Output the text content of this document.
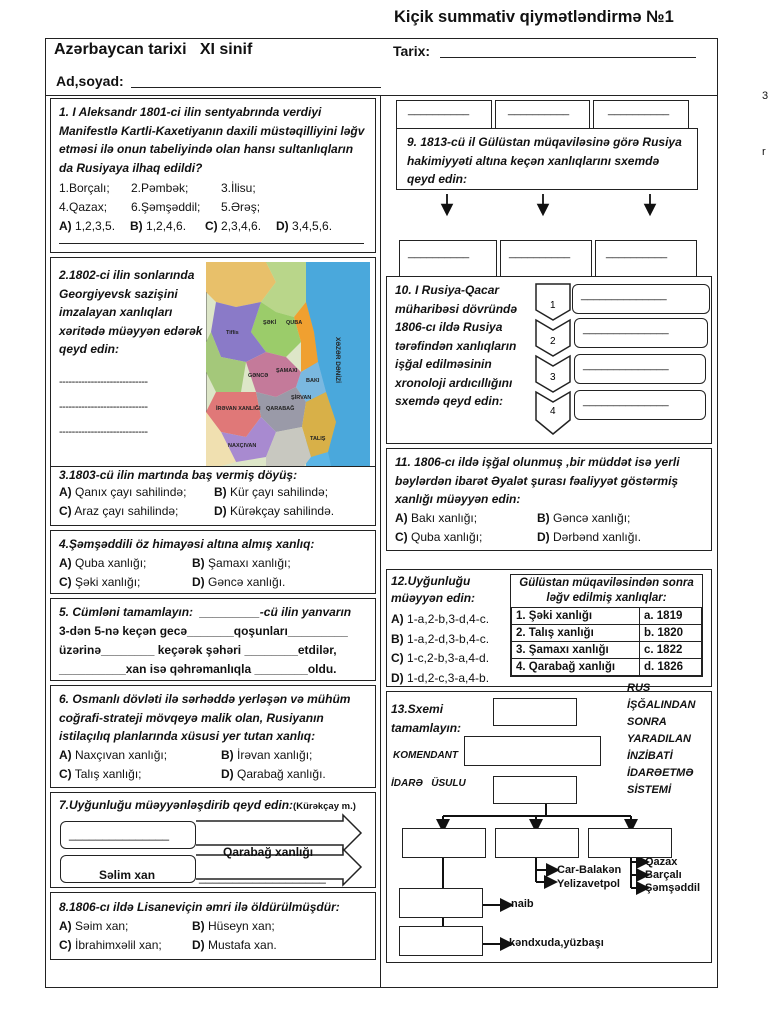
Kiçik summativ qiymətləndirmə №1
3
r
Azərbaycan tarixi   XI sinif	Tarix:
Ad,soyad:
1. I Aleksandr 1801-ci ilin sentyabrında verdiyi Manifestlə Kartli-Kaxetiyanın daxili müstəqilliyini ləğv etməsi ilə onun tabeliyində olan hansı sultanlıqların da Rusiyaya ilhaq edildi?
1.Borçalı;	2.Pəmbək;	3.İlisu;
4.Qazax;	6.Şəmşəddil;	5.Ərəş;
A) 1,2,3,5.	B) 1,2,4,6.	C) 2,3,4,6.	D) 3,4,5,6.
2.1802-ci ilin sonlarında Georgiyevsk sazişini imzalayan xanlıqları xəritədə müəyyən edərək qeyd edin:
----------------------------
----------------------------
----------------------------
XƏZƏR DƏNİZİ
ŞƏKİ
ŞAMAXI
QUBA
BAKI
QARABAĞ
GƏNCƏ
İRƏVAN XANLIĞI
NAXÇIVAN
TALIŞ
ŞİRVAN
Tiflis
3.1803-cü ilin martında baş vermiş döyüş:
A) Qanıx çayı sahilində;	B) Kür çayı sahilində;
C) Araz çayı sahilində;	D) Kürəkçay sahilində.
4.Şəmşəddili öz himayəsi altına almış xanlıq:
A) Quba xanlığı;	B) Şamaxı xanlığı;
C) Şəki xanlığı;	D) Gəncə xanlığı.
5. Cümləni tamamlayın:  _________-cü ilin yanvarın
3-dən 5-nə keçən gecə_______qoşunları_________
üzərinə________ keçərək şəhəri ________etdilər,
__________xan isə qəhrəmanlıqla ________oldu.
6. Osmanlı dövləti ilə sərhəddə yerləşən və mühüm coğrafi-strateji mövqeyə malik olan, Rusiyanın istilaçılıq planlarında xüsusi yer tutan xanlıq:
A) Naxçıvan xanlığı;	B) İrəvan xanlığı;
C) Talış xanlığı;	D) Qarabağ xanlığı.
7.Uyğunluğu müəyyənləşdirib qeyd edin:(Kürəkçay m.)
_______________
Səlim xan
Qarabağ xanlığı
___________________
8.1806-cı ildə Lisaneviçin əmri ilə öldürülmüşdür:
A) Səim xan;	B) Hüseyn xan;
C) İbrahimxəlil xan;	D) Mustafa xan.
__________	__________	__________
9. 1813-cü il Gülüstan müqaviləsinə görə Rusiya hakimiyyəti altına keçən xanlıqlarını sxemdə qeyd edin:
__________	__________	__________
10. I Rusiya-Qacar müharibəsi dövründə 1806-cı ildə Rusiya tərəfindən xanlıqların işğal edilməsinin xronoloji ardıcıllığını sxemdə qeyd edin:
1
2
3
4
______________
______________
______________
______________
11. 1806-cı ildə işğal olunmuş ,bir müddət isə yerli bəylərdən ibarət Əyalət şurası fəaliyyət göstərmiş xanlığı müəyyən edin:
A) Bakı xanlığı;	B) Gəncə xanlığı;
C) Quba xanlığı;	D) Dərbənd xanlığı.
12.Uyğunluğu müəyyən edin:
A) 1-a,2-b,3-d,4-c.
B) 1-a,2-d,3-b,4-c.
C) 1-c,2-b,3-a,4-d.
D) 1-d,2-c,3-a,4-b.
Gülüstan müqaviləsindən sonra ləğv edilmiş xanlıqlar:
1. Şəki xanlığı	a. 1819
2. Talış xanlığı	b. 1820
3. Şamaxı xanlığı	c. 1822
4. Qarabağ xanlığı	d. 1826
13.Sxemi tamamlayın:
RUS
İŞĞALINDAN
SONRA
YARADILAN
İNZİBATİ
İDARƏETMƏ
SİSTEMİ
KOMENDANT
İDARƏ   ÜSULU
Car-Balakən
Yelizavetpol
Qazax
Barçalı
Şəmşəddil
naib
kəndxuda,yüzbaşı
